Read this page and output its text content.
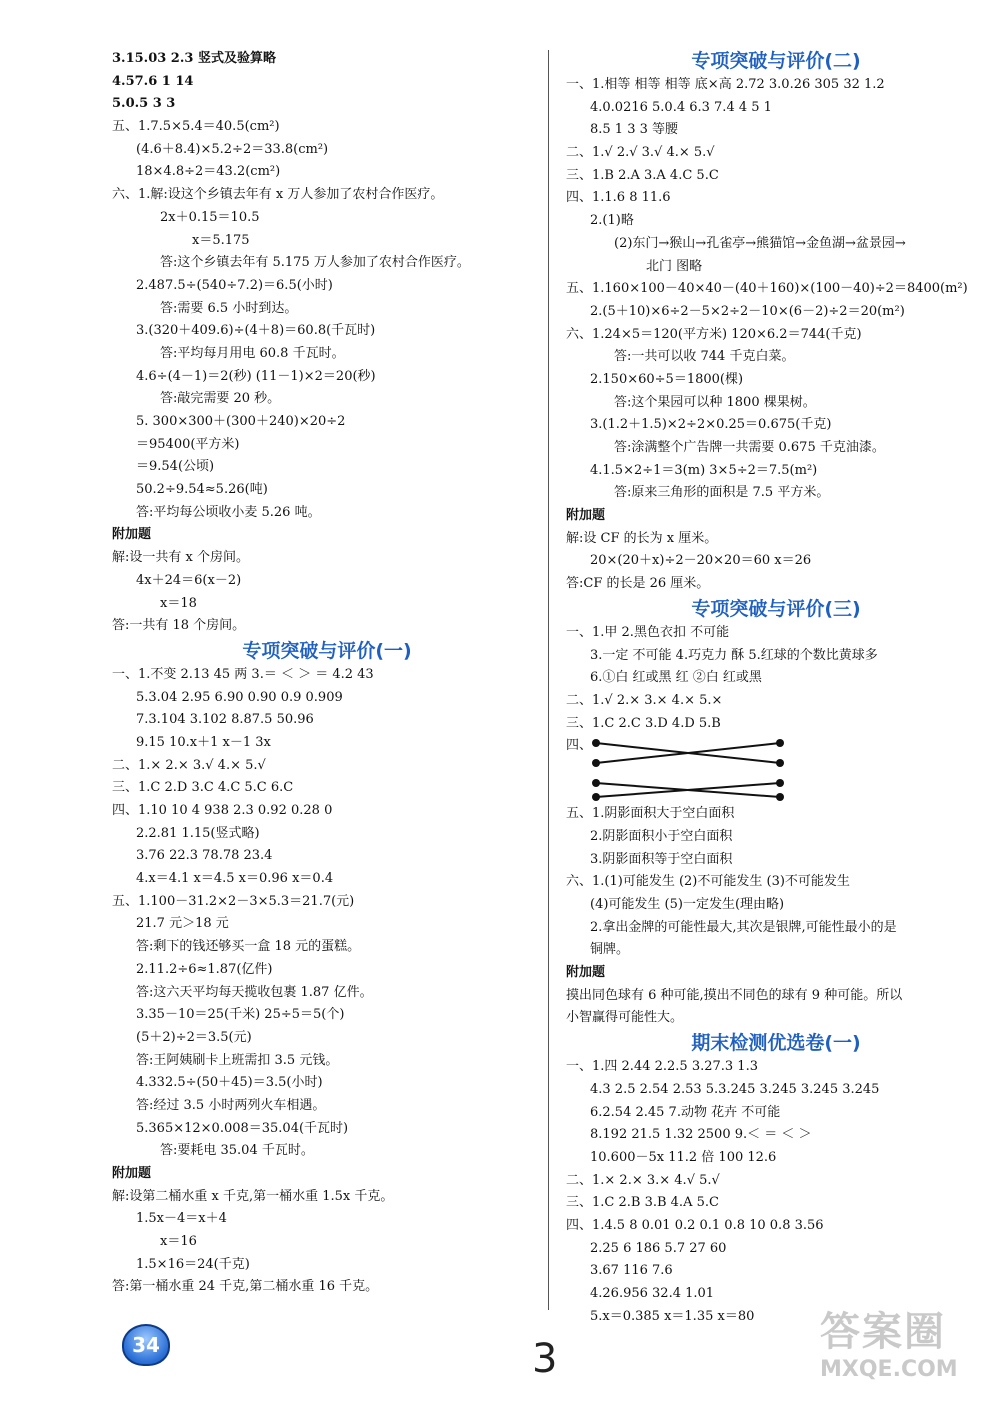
3.15.03 2.3 竖式及验算略
4.57.6 1 14
5.0.5 3 3
五、1.7.5×5.4＝40.5(cm²)
(4.6＋8.4)×5.2÷2＝33.8(cm²)
18×4.8÷2＝43.2(cm²)
六、1.解:设这个乡镇去年有 x 万人参加了农村合作医疗。
2x＋0.15＝10.5
x＝5.175
答:这个乡镇去年有 5.175 万人参加了农村合作医疗。
2.487.5÷(540÷7.2)＝6.5(小时)
答:需要 6.5 小时到达。
3.(320＋409.6)÷(4＋8)＝60.8(千瓦时)
答:平均每月用电 60.8 千瓦时。
4.6÷(4－1)＝2(秒) (11－1)×2＝20(秒)
答:敲完需要 20 秒。
5. 300×300＋(300＋240)×20÷2
＝95400(平方米)
＝9.54(公顷)
50.2÷9.54≈5.26(吨)
答:平均每公顷收小麦 5.26 吨。
附加题
解:设一共有 x 个房间。
4x＋24＝6(x－2)
x＝18
答:一共有 18 个房间。
专项突破与评价(一)
一、1.不变 2.13 45 两 3.＝ ＜ ＞ ＝ 4.2 43
5.3.04 2.95 6.90 0.90 0.9 0.909
7.3.104 3.102 8.87.5 50.96
9.15 10.x＋1 x－1 3x
二、1.× 2.× 3.√ 4.× 5.√
三、1.C 2.D 3.C 4.C 5.C 6.C
四、1.10 10 4 938 2.3 0.92 0.28 0
2.2.81 1.15(竖式略)
3.76 22.3 78.78 23.4
4.x＝4.1 x＝4.5 x＝0.96 x＝0.4
五、1.100－31.2×2－3×5.3＝21.7(元)
21.7 元＞18 元
答:剩下的钱还够买一盒 18 元的蛋糕。
2.11.2÷6≈1.87(亿件)
答:这六天平均每天揽收包裹 1.87 亿件。
3.35－10＝25(千米) 25÷5＝5(个)
(5＋2)÷2＝3.5(元)
答:王阿姨刷卡上班需扣 3.5 元钱。
4.332.5÷(50＋45)＝3.5(小时)
答:经过 3.5 小时两列火车相遇。
5.365×12×0.008＝35.04(千瓦时)
答:要耗电 35.04 千瓦时。
附加题
解:设第二桶水重 x 千克,第一桶水重 1.5x 千克。
1.5x－4＝x＋4
x＝16
1.5×16＝24(千克)
答:第一桶水重 24 千克,第二桶水重 16 千克。
专项突破与评价(二)
一、1.相等 相等 相等 底×高 2.72 3.0.26 305 32 1.2
4.0.0216 5.0.4 6.3 7.4 4 5 1
8.5 1 3 3 等腰
二、1.√ 2.√ 3.√ 4.× 5.√
三、1.B 2.A 3.A 4.C 5.C
四、1.1.6 8 11.6
2.(1)略
(2)东门→猴山→孔雀亭→熊猫馆→金鱼湖→盆景园→
北门 图略
五、1.160×100－40×40－(40＋160)×(100－40)÷2＝8400(m²)
2.(5＋10)×6÷2－5×2÷2－10×(6－2)÷2＝20(m²)
六、1.24×5＝120(平方米) 120×6.2＝744(千克)
答:一共可以收 744 千克白菜。
2.150×60÷5＝1800(棵)
答:这个果园可以种 1800 棵果树。
3.(1.2＋1.5)×2÷2×0.25＝0.675(千克)
答:涂满整个广告牌一共需要 0.675 千克油漆。
4.1.5×2÷1＝3(m) 3×5÷2＝7.5(m²)
答:原来三角形的面积是 7.5 平方米。
附加题
解:设 CF 的长为 x 厘米。
20×(20＋x)÷2－20×20＝60 x＝26
答:CF 的长是 26 厘米。
专项突破与评价(三)
一、1.甲 2.黑色衣扣 不可能
3.一定 不可能 4.巧克力 酥 5.红球的个数比黄球多
6.①白 红或黑 红 ②白 红或黑
二、1.√ 2.× 3.× 4.× 5.×
三、1.C 2.C 3.D 4.D 5.B
四、
五、1.阴影面积大于空白面积
2.阴影面积小于空白面积
3.阴影面积等于空白面积
六、1.(1)可能发生 (2)不可能发生 (3)不可能发生
(4)可能发生 (5)一定发生(理由略)
2.拿出金牌的可能性最大,其次是银牌,可能性最小的是
铜牌。
附加题
摸出同色球有 6 种可能,摸出不同色的球有 9 种可能。所以
小智赢得可能性大。
期末检测优选卷(一)
一、1.四 2.44 2.2.5 3.27.3 1.3
4.3 2.5 2.54 2.53 5.3.245 3.245 3.245 3.245
6.2.54 2.45 7.动物 花卉 不可能
8.192 21.5 1.32 2500 9.＜ ＝ ＜ ＞
10.600－5x 11.2 倍 100 12.6
二、1.× 2.× 3.× 4.√ 5.√
三、1.C 2.B 3.B 4.A 5.C
四、1.4.5 8 0.01 0.2 0.1 0.8 10 0.8 3.56
2.25 6 186 5.7 27 60
3.67 116 7.6
4.26.956 32.4 1.01
5.x＝0.385 x＝1.35 x＝80
34	3
答案圈
MXQE.COM
